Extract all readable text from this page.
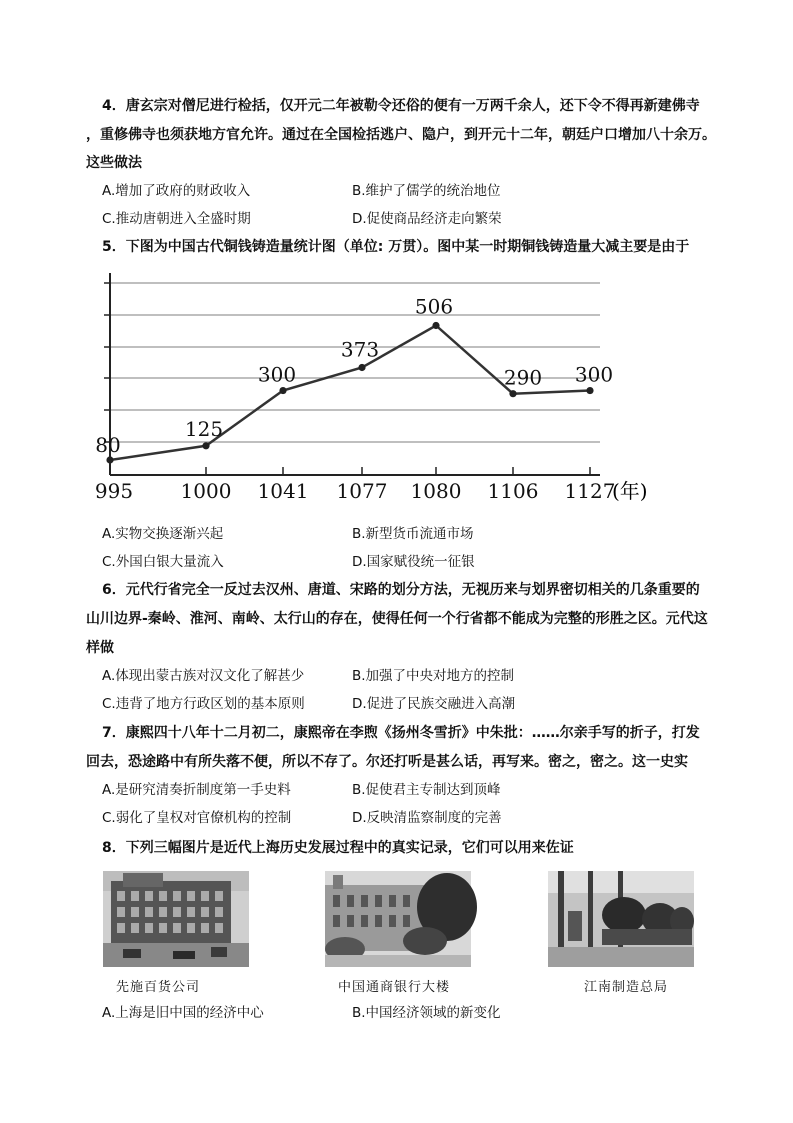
4．唐玄宗对僧尼进行检括，仅开元二年被勒令还俗的便有一万两千余人，还下令不得再新建佛寺
，重修佛寺也须获地方官允许。通过在全国检括逃户、隐户，到开元十二年，朝廷户口增加八十余万。
这些做法
A.增加了政府的财政收入	B.维护了儒学的统治地位
C.推动唐朝进入全盛时期	D.促使商品经济走向繁荣
5．下图为中国古代铜钱铸造量统计图（单位: 万贯）。图中某一时期铜钱铸造量大减主要是由于
80
125
300
373
506
290 300
995 1000 1041 1077 1080 1106 1127
(年)
A.实物交换逐渐兴起	B.新型货币流通市场
C.外国白银大量流入	D.国家赋役统一征银
6．元代行省完全一反过去汉州、唐道、宋路的划分方法，无视历来与划界密切相关的几条重要的
山川边界-秦岭、淮河、南岭、太行山的存在，使得任何一个行省都不能成为完整的形胜之区。元代这
样做
A.体现出蒙古族对汉文化了解甚少	B.加强了中央对地方的控制
C.违背了地方行政区划的基本原则	D.促进了民族交融进入高潮
7．康熙四十八年十二月初二，康熙帝在李煦《扬州冬雪折》中朱批：……尔亲手写的折子，打发
回去，恐途路中有所失落不便，所以不存了。尔还打听是甚么话，再写来。密之，密之。这一史实
A.是研究清奏折制度第一手史料	B.促使君主专制达到顶峰
C.弱化了皇权对官僚机构的控制	D.反映清监察制度的完善
8．下列三幅图片是近代上海历史发展过程中的真实记录，它们可以用来佐证
先施百货公司	中国通商银行大楼	江南制造总局
A.上海是旧中国的经济中心	B.中国经济领域的新变化
